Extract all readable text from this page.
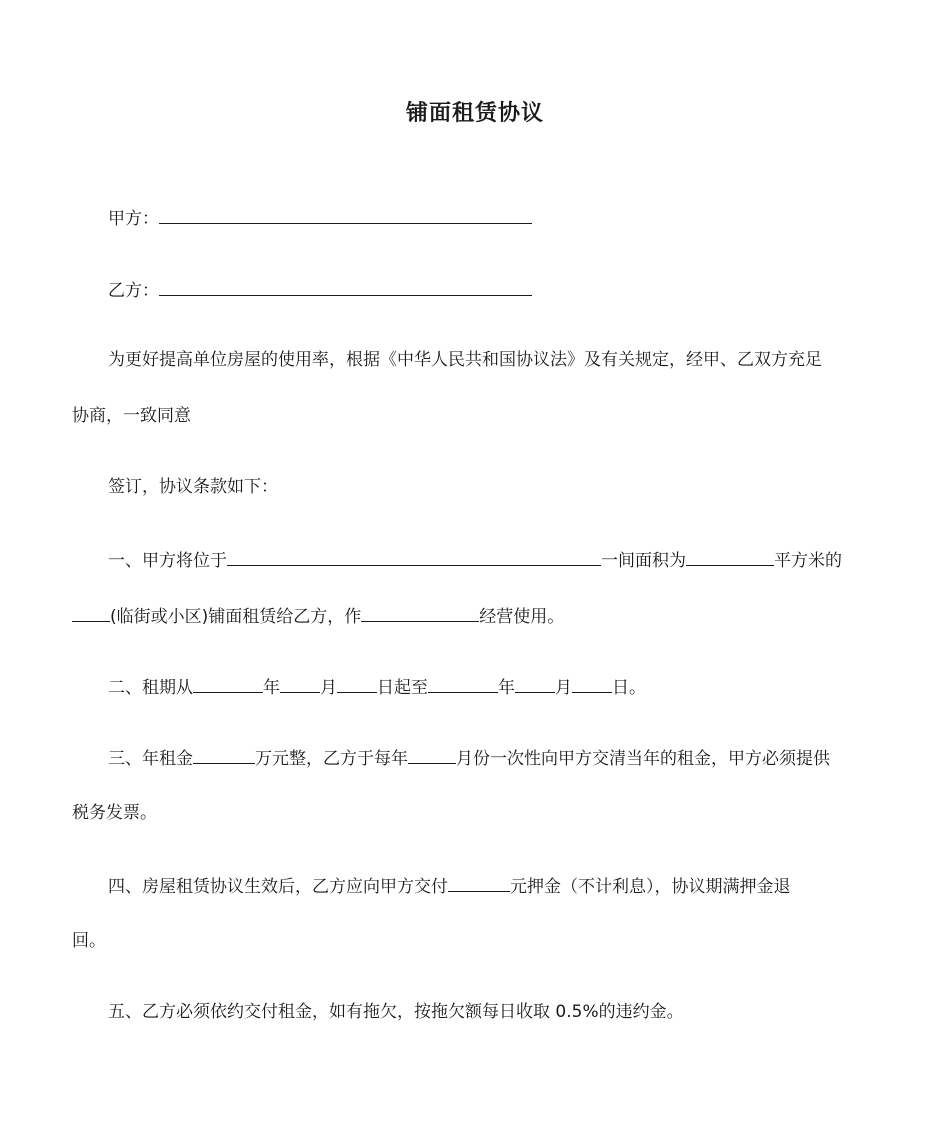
铺面租赁协议
甲方：
乙方：
为更好提高单位房屋的使用率，根据《中华人民共和国协议法》及有关规定，经甲、乙双方充足
协商，一致同意
签订，协议条款如下：
一、甲方将位于	一间面积为	平方米的
(临街或小区)铺面租赁给乙方，作	经营使用。
二、租期从	年 月 日起至	年 月 日。
三、年租金	万元整，乙方于每年	月份一次性向甲方交清当年的租金，甲方必须提供
税务发票。
四、房屋租赁协议生效后，乙方应向甲方交付	元押金（不计利息），协议期满押金退
回。
五、乙方必须依约交付租金，如有拖欠，按拖欠额每日收取 0.5%的违约金。
